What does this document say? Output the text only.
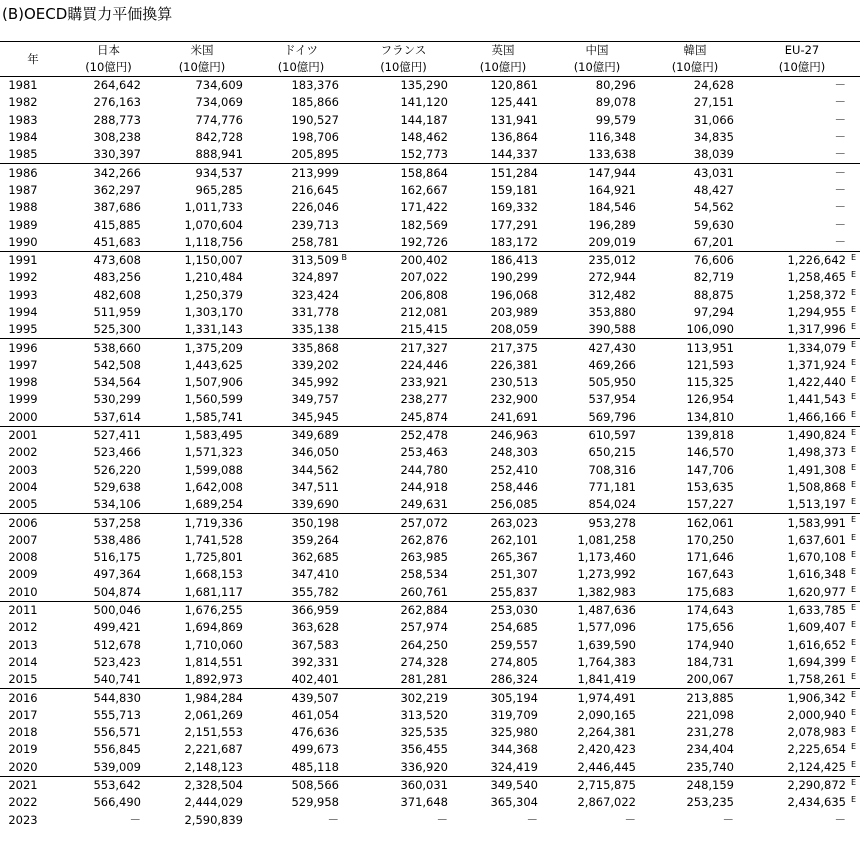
(B)OECD購買力平価換算
年	日本	米国	ドイツ	フランス	英国	中国	韓国	EU-27
	(10億円)	(10億円)	(10億円)	(10億円)	(10億円)	(10億円)	(10億円)	(10億円)
1981	264,642	734,609	183,376	135,290	120,861	80,296	24,628	－
1982	276,163	734,069	185,866	141,120	125,441	89,078	27,151	－
1983	288,773	774,776	190,527	144,187	131,941	99,579	31,066	－
1984	308,238	842,728	198,706	148,462	136,864	116,348	34,835	－
1985	330,397	888,941	205,895	152,773	144,337	133,638	38,039	－
1986	342,266	934,537	213,999	158,864	151,284	147,944	43,031	－
1987	362,297	965,285	216,645	162,667	159,181	164,921	48,427	－
1988	387,686	1,011,733	226,046	171,422	169,332	184,546	54,562	－
1989	415,885	1,070,604	239,713	182,569	177,291	196,289	59,630	－
1990	451,683	1,118,756	258,781	192,726	183,172	209,019	67,201	－
1991	473,608	1,150,007	313,509 B	200,402	186,413	235,012	76,606	1,226,642 E

1992	483,256	1,210,484	324,897	207,022	190,299	272,944	82,719	1,258,465 E

1993	482,608	1,250,379	323,424	206,808	196,068	312,482	88,875	1,258,372 E

1994	511,959	1,303,170	331,778	212,081	203,989	353,880	97,294	1,294,955 E

1995	525,300	1,331,143	335,138	215,415	208,059	390,588	106,090	1,317,996 E

1996	538,660	1,375,209	335,868	217,327	217,375	427,430	113,951	1,334,079 E

1997	542,508	1,443,625	339,202	224,446	226,381	469,266	121,593	1,371,924 E

1998	534,564	1,507,906	345,992	233,921	230,513	505,950	115,325	1,422,440 E

1999	530,299	1,560,599	349,757	238,277	232,900	537,954	126,954	1,441,543 E

2000	537,614	1,585,741	345,945	245,874	241,691	569,796	134,810	1,466,166 E

2001	527,411	1,583,495	349,689	252,478	246,963	610,597	139,818	1,490,824 E

2002	523,466	1,571,323	346,050	253,463	248,303	650,215	146,570	1,498,373 E

2003	526,220	1,599,088	344,562	244,780	252,410	708,316	147,706	1,491,308 E

2004	529,638	1,642,008	347,511	244,918	258,446	771,181	153,635	1,508,868 E

2005	534,106	1,689,254	339,690	249,631	256,085	854,024	157,227	1,513,197 E

2006	537,258	1,719,336	350,198	257,072	263,023	953,278	162,061	1,583,991 E

2007	538,486	1,741,528	359,264	262,876	262,101	1,081,258	170,250	1,637,601 E

2008	516,175	1,725,801	362,685	263,985	265,367	1,173,460	171,646	1,670,108 E

2009	497,364	1,668,153	347,410	258,534	251,307	1,273,992	167,643	1,616,348 E

2010	504,874	1,681,117	355,782	260,761	255,837	1,382,983	175,683	1,620,977 E

2011	500,046	1,676,255	366,959	262,884	253,030	1,487,636	174,643	1,633,785 E

2012	499,421	1,694,869	363,628	257,974	254,685	1,577,096	175,656	1,609,407 E

2013	512,678	1,710,060	367,583	264,250	259,557	1,639,590	174,940	1,616,652 E

2014	523,423	1,814,551	392,331	274,328	274,805	1,764,383	184,731	1,694,399 E

2015	540,741	1,892,973	402,401	281,281	286,324	1,841,419	200,067	1,758,261 E

2016	544,830	1,984,284	439,507	302,219	305,194	1,974,491	213,885	1,906,342 E

2017	555,713	2,061,269	461,054	313,520	319,709	2,090,165	221,098	2,000,940 E

2018	556,571	2,151,553	476,636	325,535	325,980	2,264,381	231,278	2,078,983 E

2019	556,845	2,221,687	499,673	356,455	344,368	2,420,423	234,404	2,225,654 E

2020	539,009	2,148,123	485,118	336,920	324,419	2,446,445	235,740	2,124,425 E

2021	553,642	2,328,504	508,566	360,031	349,540	2,715,875	248,159	2,290,872 E

2022	566,490	2,444,029	529,958	371,648	365,304	2,867,022	253,235	2,434,635 E

2023	－	2,590,839	－	－	－	－	－	－
